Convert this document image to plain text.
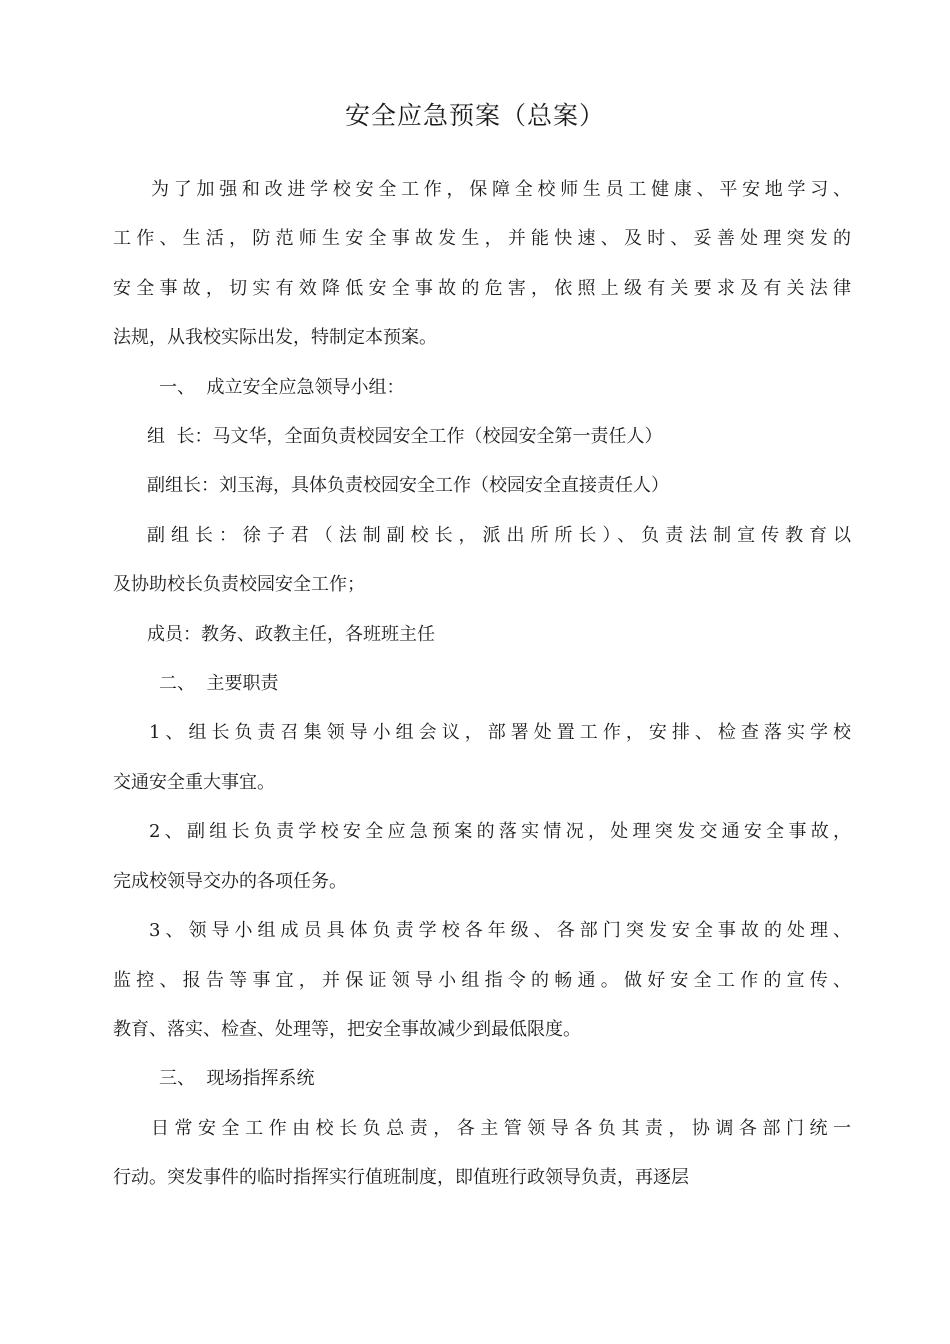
安全应急预案（总案）

为了加强和改进学校安全工作，保障全校师生员工健康、平安地学习、

工作、生活，防范师生安全事故发生，并能快速、及时、妥善处理突发的

安全事故，切实有效降低安全事故的危害，依照上级有关要求及有关法律

法规，从我校实际出发，特制定本预案。

一、  成立安全应急领导小组：

组  长：马文华，全面负责校园安全工作（校园安全第一责任人）

副组长：刘玉海，具体负责校园安全工作（校园安全直接责任人）

副组长：徐子君（法制副校长，派出所所长）、负责法制宣传教育以

及协助校长负责校园安全工作；

成员：教务、政教主任，各班班主任

二、  主要职责

1、组长负责召集领导小组会议，部署处置工作，安排、检查落实学校

交通安全重大事宜。

2、副组长负责学校安全应急预案的落实情况，处理突发交通安全事故，

完成校领导交办的各项任务。

3、领导小组成员具体负责学校各年级、各部门突发安全事故的处理、

监控、报告等事宜，并保证领导小组指令的畅通。做好安全工作的宣传、

教育、落实、检查、处理等，把安全事故减少到最低限度。

三、  现场指挥系统

日常安全工作由校长负总责，各主管领导各负其责，协调各部门统一

行动。突发事件的临时指挥实行值班制度，即值班行政领导负责，再逐层
